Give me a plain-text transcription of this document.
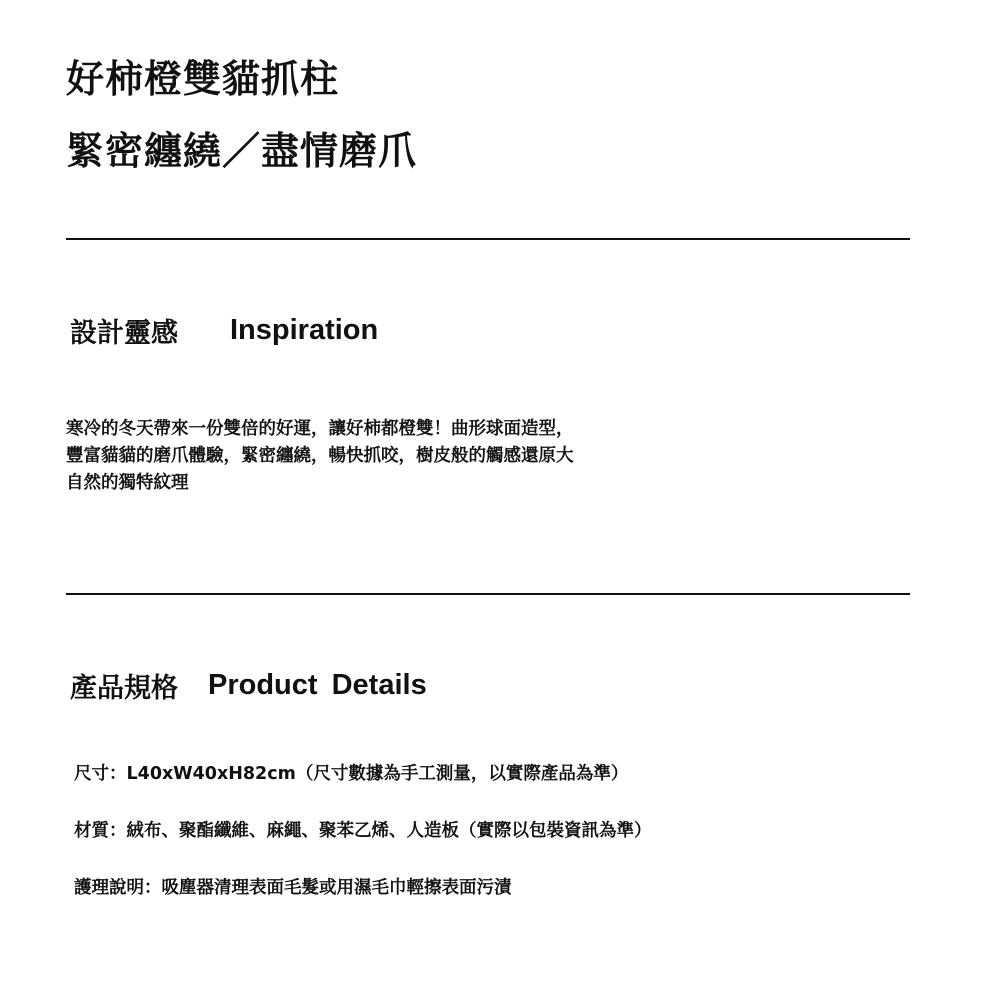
好柿橙雙貓抓柱
緊密纏繞／盡情磨爪
設計靈感 Inspiration
寒冷的冬天帶來一份雙倍的好運，讓好柿都橙雙！曲形球面造型，
豐富貓貓的磨爪體驗，緊密纏繞，暢快抓咬，樹皮般的觸感還原大
自然的獨特紋理
產品規格 Product Details
尺寸：L40xW40xH82cm（尺寸數據為手工測量，以實際產品為準）
材質：絨布、聚酯纖維、麻繩、聚苯乙烯、人造板（實際以包裝資訊為準）
護理說明：吸塵器清理表面毛髮或用濕毛巾輕擦表面污漬
